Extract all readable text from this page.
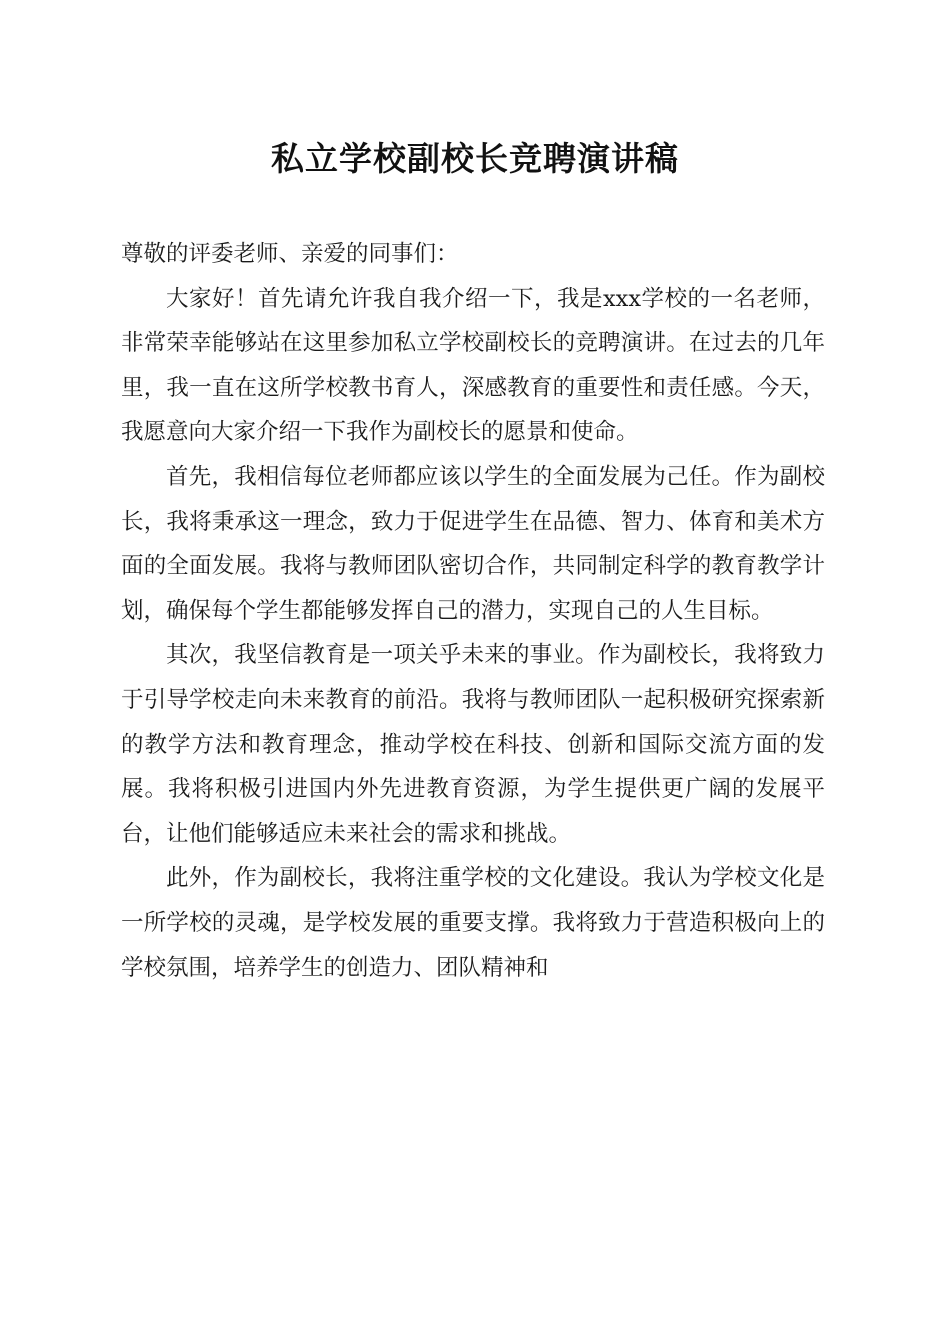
私立学校副校长竞聘演讲稿

尊敬的评委老师、亲爱的同事们：

大家好！首先请允许我自我介绍一下，我是xxx学校的一名老师，非常荣幸能够站在这里参加私立学校副校长的竞聘演讲。在过去的几年里，我一直在这所学校教书育人，深感教育的重要性和责任感。今天，我愿意向大家介绍一下我作为副校长的愿景和使命。

首先，我相信每位老师都应该以学生的全面发展为己任。作为副校长，我将秉承这一理念，致力于促进学生在品德、智力、体育和美术方面的全面发展。我将与教师团队密切合作，共同制定科学的教育教学计划，确保每个学生都能够发挥自己的潜力，实现自己的人生目标。

其次，我坚信教育是一项关乎未来的事业。作为副校长，我将致力于引导学校走向未来教育的前沿。我将与教师团队一起积极研究探索新的教学方法和教育理念，推动学校在科技、创新和国际交流方面的发展。我将积极引进国内外先进教育资源，为学生提供更广阔的发展平台，让他们能够适应未来社会的需求和挑战。

此外，作为副校长，我将注重学校的文化建设。我认为学校文化是一所学校的灵魂，是学校发展的重要支撑。我将致力于营造积极向上的学校氛围，培养学生的创造力、团队精神和
